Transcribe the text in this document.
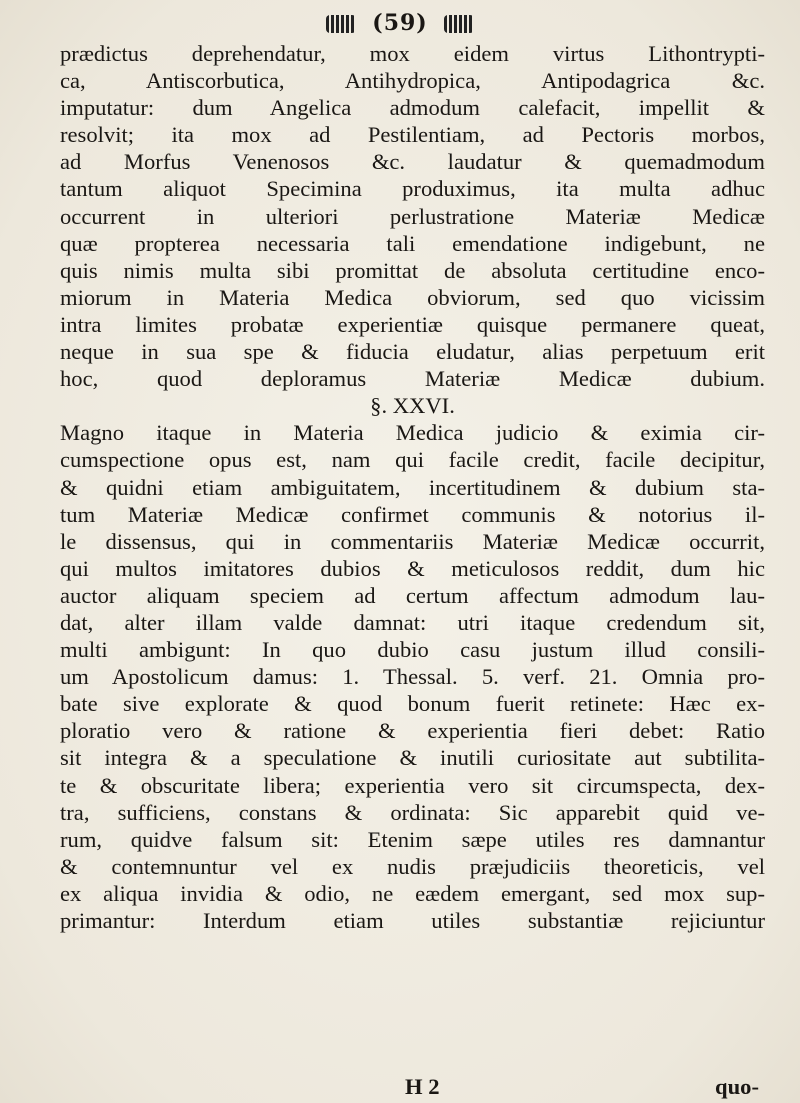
(59)
prædictus deprehendatur, mox eidem virtus Lithontrypti-
ca, Antiscorbutica, Antihydropica, Antipodagrica &c.
imputatur: dum Angelica admodum calefacit, impellit &
resolvit; ita mox ad Pestilentiam, ad Pectoris morbos,
ad Morfus Venenosos &c. laudatur & quemadmodum
tantum aliquot Specimina produximus, ita multa adhuc
occurrent in ulteriori perlustratione Materiæ Medicæ
quæ propterea necessaria tali emendatione indigebunt, ne
quis nimis multa sibi promittat de absoluta certitudine enco-
miorum in Materia Medica obviorum, sed quo vicissim
intra limites probatæ experientiæ quisque permanere queat,
neque in sua spe & fiducia eludatur, alias perpetuum erit
hoc, quod deploramus Materiæ Medicæ dubium.
§. XXVI.
Magno itaque in Materia Medica judicio & eximia cir-
cumspectione opus est, nam qui facile credit, facile decipitur,
& quidni etiam ambiguitatem, incertitudinem & dubium sta-
tum Materiæ Medicæ confirmet communis & notorius il-
le dissensus, qui in commentariis Materiæ Medicæ occurrit,
qui multos imitatores dubios & meticulosos reddit, dum hic
auctor aliquam speciem ad certum affectum admodum lau-
dat, alter illam valde damnat: utri itaque credendum sit,
multi ambigunt: In quo dubio casu justum illud consili-
um Apostolicum damus: 1. Thessal. 5. verf. 21. Omnia pro-
bate sive explorate & quod bonum fuerit retinete: Hæc ex-
ploratio vero & ratione & experientia fieri debet: Ratio
sit integra & a speculatione & inutili curiositate aut subtilita-
te & obscuritate libera; experientia vero sit circumspecta, dex-
tra, sufficiens, constans & ordinata: Sic apparebit quid ve-
rum, quidve falsum sit: Etenim sæpe utiles res damnantur
& contemnuntur vel ex nudis præjudiciis theoreticis, vel
ex aliqua invidia & odio, ne eædem emergant, sed mox sup-
primantur: Interdum etiam utiles substantiæ rejiciuntur
H 2	quo-
